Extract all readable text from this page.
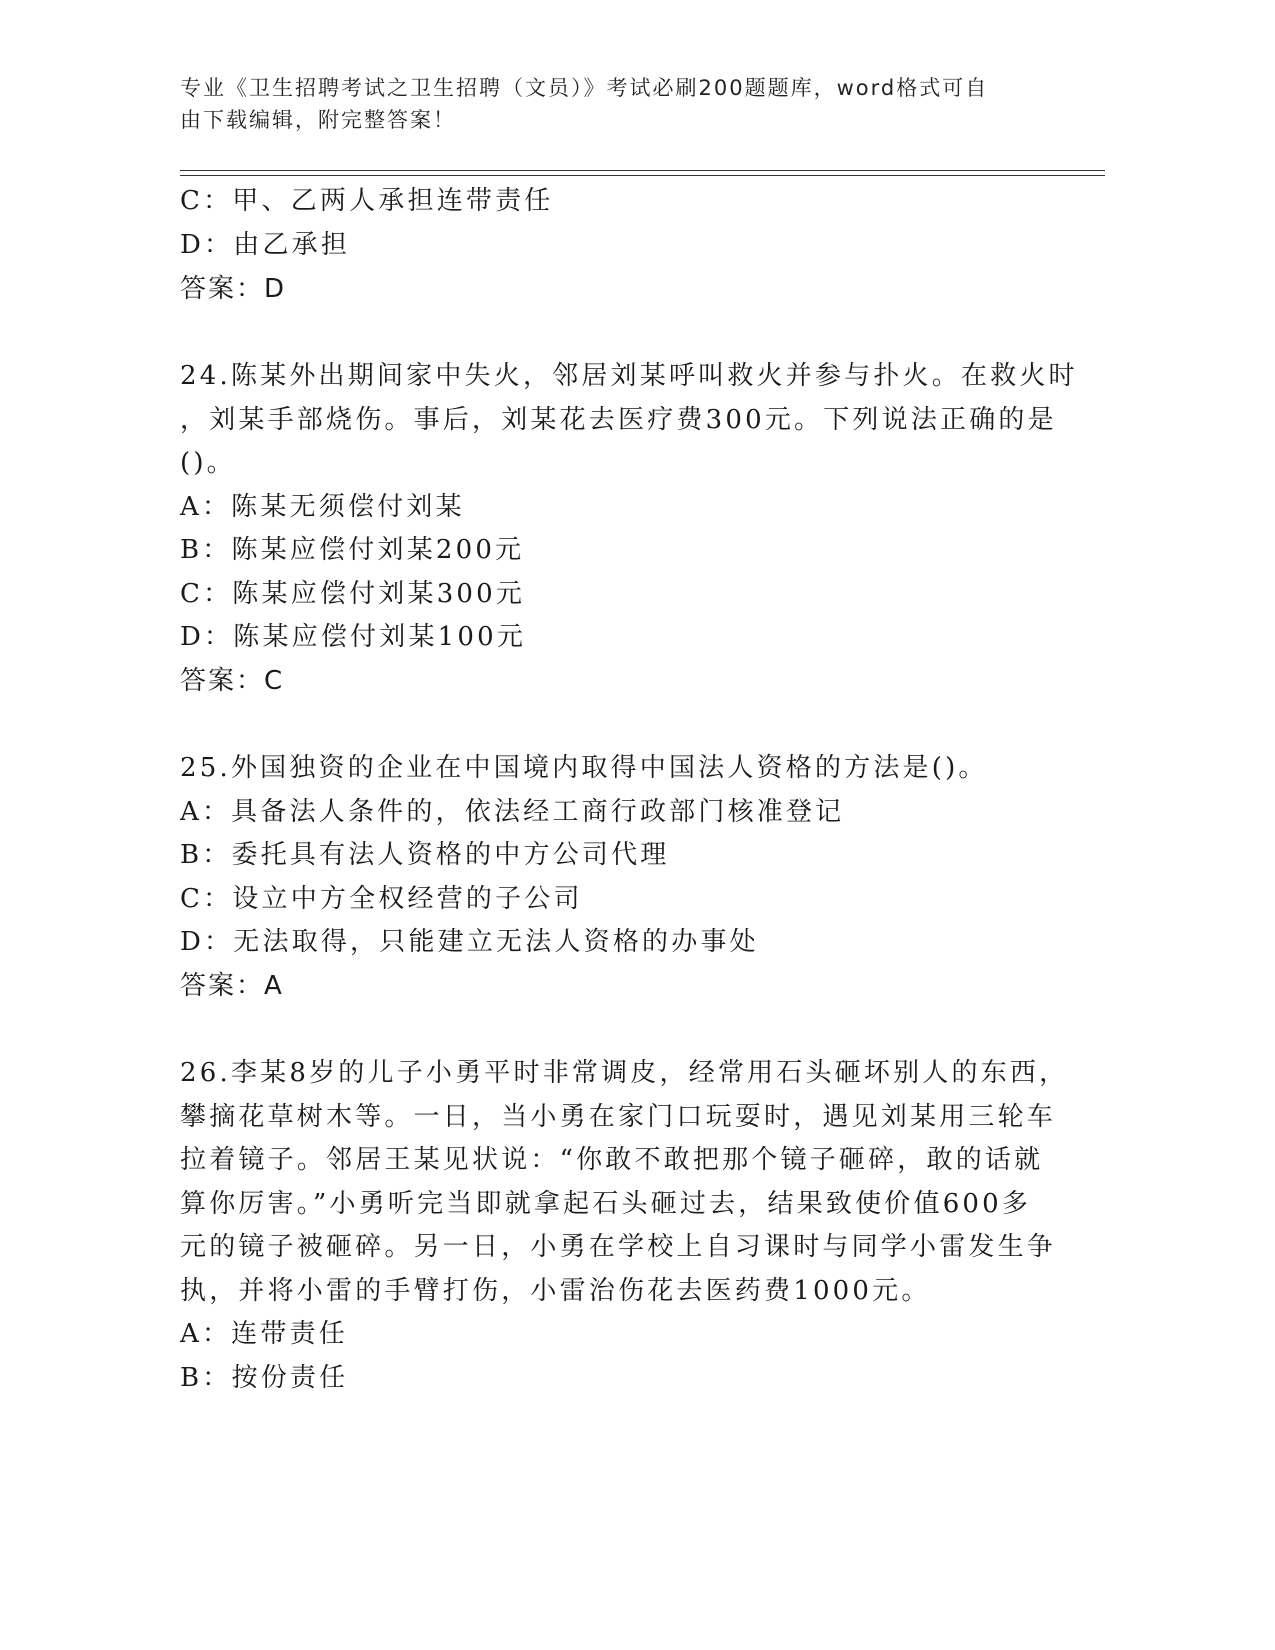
专业《卫生招聘考试之卫生招聘（文员）》考试必刷200题题库，word格式可自
由下载编辑，附完整答案！
C：甲、乙两人承担连带责任
D：由乙承担
答案：D
24.陈某外出期间家中失火，邻居刘某呼叫救火并参与扑火。在救火时
，刘某手部烧伤。事后，刘某花去医疗费300元。下列说法正确的是
()。
A：陈某无须偿付刘某
B：陈某应偿付刘某200元
C：陈某应偿付刘某300元
D：陈某应偿付刘某100元
答案：C
25.外国独资的企业在中国境内取得中国法人资格的方法是()。
A：具备法人条件的，依法经工商行政部门核准登记
B：委托具有法人资格的中方公司代理
C：设立中方全权经营的子公司
D：无法取得，只能建立无法人资格的办事处
答案：A
26.李某8岁的儿子小勇平时非常调皮，经常用石头砸坏别人的东西，
攀摘花草树木等。一日，当小勇在家门口玩耍时，遇见刘某用三轮车
拉着镜子。邻居王某见状说：“你敢不敢把那个镜子砸碎，敢的话就
算你厉害。”小勇听完当即就拿起石头砸过去，结果致使价值600多
元的镜子被砸碎。另一日，小勇在学校上自习课时与同学小雷发生争
执，并将小雷的手臂打伤，小雷治伤花去医药费1000元。
A：连带责任
B：按份责任
